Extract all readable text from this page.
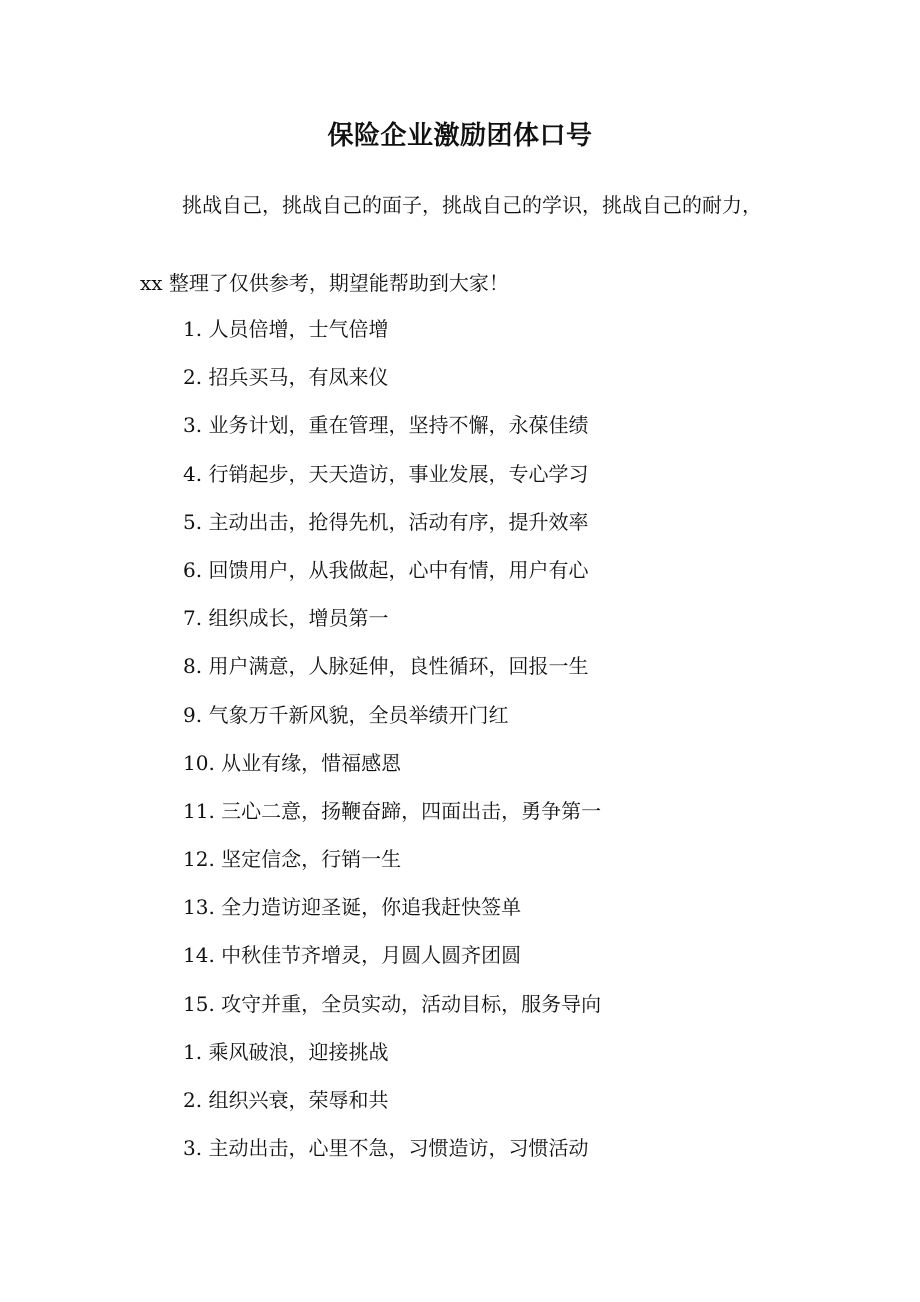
保险企业激励团体口号
挑战自己，挑战自己的面子，挑战自己的学识，挑战自己的耐力，
xx 整理了仅供参考，期望能帮助到大家！
1. 人员倍增，士气倍增
2. 招兵买马，有凤来仪
3. 业务计划，重在管理，坚持不懈，永葆佳绩
4. 行销起步，天天造访，事业发展，专心学习
5. 主动出击，抢得先机，活动有序，提升效率
6. 回馈用户，从我做起，心中有情，用户有心
7. 组织成长，增员第一
8. 用户满意，人脉延伸，良性循环，回报一生
9. 气象万千新风貌，全员举绩开门红
10. 从业有缘，惜福感恩
11. 三心二意，扬鞭奋蹄，四面出击，勇争第一
12. 坚定信念，行销一生
13. 全力造访迎圣诞，你追我赶快签单
14. 中秋佳节齐增灵，月圆人圆齐团圆
15. 攻守并重，全员实动，活动目标，服务导向
1. 乘风破浪，迎接挑战
2. 组织兴衰，荣辱和共
3. 主动出击，心里不急，习惯造访，习惯活动
